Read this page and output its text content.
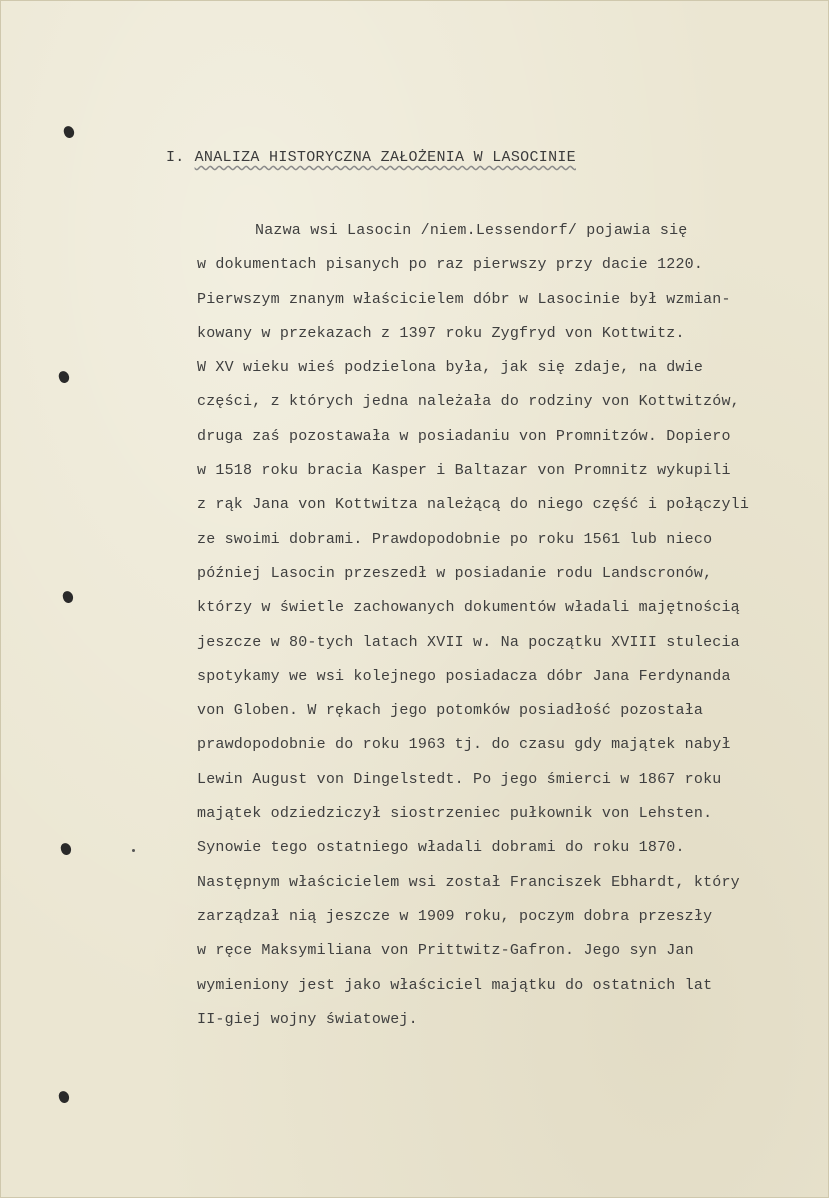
I. ANALIZA HISTORYCZNA ZAŁOŻENIA W LASOCINIE
Nazwa wsi Lasocin /niem.Lessendorf/ pojawia się
w dokumentach pisanych po raz pierwszy przy dacie 1220.
Pierwszym znanym właścicielem dóbr w Lasocinie był wzmian-
kowany w przekazach z 1397 roku Zygfryd von Kottwitz.
W XV wieku wieś podzielona była, jak się zdaje, na dwie
części, z których jedna należała do rodziny von Kottwitzów,
druga zaś pozostawała w posiadaniu von Promnitzów. Dopiero
w 1518 roku bracia Kasper i Baltazar von Promnitz wykupili
z rąk Jana von Kottwitza należącą do niego część i połączyli
ze swoimi dobrami. Prawdopodobnie po roku 1561 lub nieco
później Lasocin przeszedł w posiadanie rodu Landscronów,
którzy w świetle zachowanych dokumentów władali majętnością
jeszcze w 80-tych latach XVII w. Na początku XVIII stulecia
spotykamy we wsi kolejnego posiadacza dóbr Jana Ferdynanda
von Globen. W rękach jego potomków posiadłość pozostała
prawdopodobnie do roku 1963 tj. do czasu gdy majątek nabył
Lewin August von Dingelstedt. Po jego śmierci w 1867 roku
majątek odziedziczył siostrzeniec pułkownik von Lehsten.
Synowie tego ostatniego władali dobrami do roku 1870.
Następnym właścicielem wsi został Franciszek Ebhardt, który
zarządzał nią jeszcze w 1909 roku, poczym dobra przeszły
w ręce Maksymiliana von Prittwitz-Gafron. Jego syn Jan
wymieniony jest jako właściciel majątku do ostatnich lat
II-giej wojny światowej.
